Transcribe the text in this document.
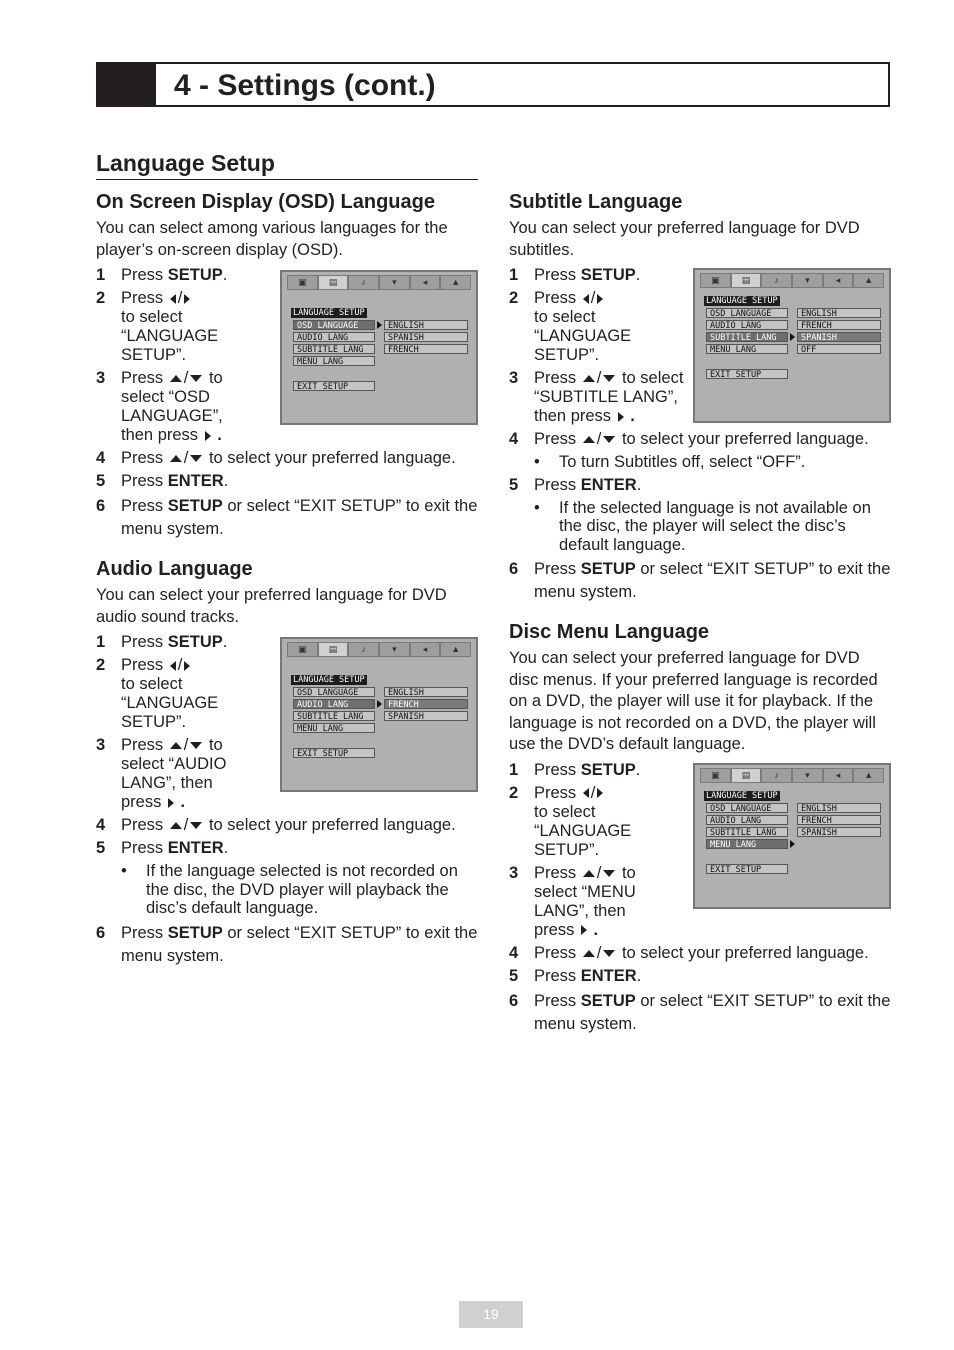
4 - Settings (cont.)
Language Setup
On Screen Display (OSD) Language

You can select among various languages for the player’s on-screen display (OSD).

▣	▤	♪	▾	◂	▲
LANGUAGE SETUP
OSD LANGUAGE
AUDIO LANG
SUBTITLE LANG
MENU LANG
EXIT SETUP
ENGLISH
SPANISH
FRENCH
1 Press SETUP.
2 Press /
to select “LANGUAGE SETUP”.
3 Press / to select “OSD LANGUAGE”, then press .
4 Press / to select your preferred language.
5 Press ENTER.
6 Press SETUP or select “EXIT SETUP” to exit the menu system.
Audio Language

You can select your preferred language for DVD audio sound tracks.

▣	▤	♪	▾	◂	▲
LANGUAGE SETUP
OSD LANGUAGE
AUDIO LANG
SUBTITLE LANG
MENU LANG
EXIT SETUP
ENGLISH
FRENCH
SPANISH
1 Press SETUP.
2 Press /
to select “LANGUAGE SETUP”.
3 Press / to select “AUDIO LANG”, then press .
4 Press / to select your preferred language.
5 Press ENTER.
•	If the language selected is not recorded on the disc, the DVD player will playback the disc’s default language.
6 Press SETUP or select “EXIT SETUP” to exit the menu system.
Subtitle Language

You can select your preferred language for DVD subtitles.

▣	▤	♪	▾	◂	▲
LANGUAGE SETUP
OSD LANGUAGE
AUDIO LANG
SUBTITLE LANG
MENU LANG
EXIT SETUP
ENGLISH
FRENCH
SPANISH
OFF
1 Press SETUP.
2 Press /
to select “LANGUAGE SETUP”.
3 Press / to select “SUBTITLE LANG”, then press .
4 Press / to select your preferred language.
•	To turn Subtitles off, select “OFF”.
5 Press ENTER.
•	If the selected language is not available on the disc, the player will select the disc’s default language.
6 Press SETUP or select “EXIT SETUP” to exit the menu system.
Disc Menu Language

You can select your preferred language for DVD disc menus. If your preferred language is recorded on a DVD, the player will use it for playback. If the language is not recorded on a DVD, the player will use the DVD’s default language.

▣	▤	♪	▾	◂	▲
LANGUAGE SETUP
OSD LANGUAGE
AUDIO LANG
SUBTITLE LANG
MENU LANG
EXIT SETUP
ENGLISH
FRENCH
SPANISH
1 Press SETUP.
2 Press /
to select “LANGUAGE SETUP”.
3 Press / to select “MENU LANG”, then press .
4 Press / to select your preferred language.
5 Press ENTER.
6 Press SETUP or select “EXIT SETUP” to exit the menu system.
19
